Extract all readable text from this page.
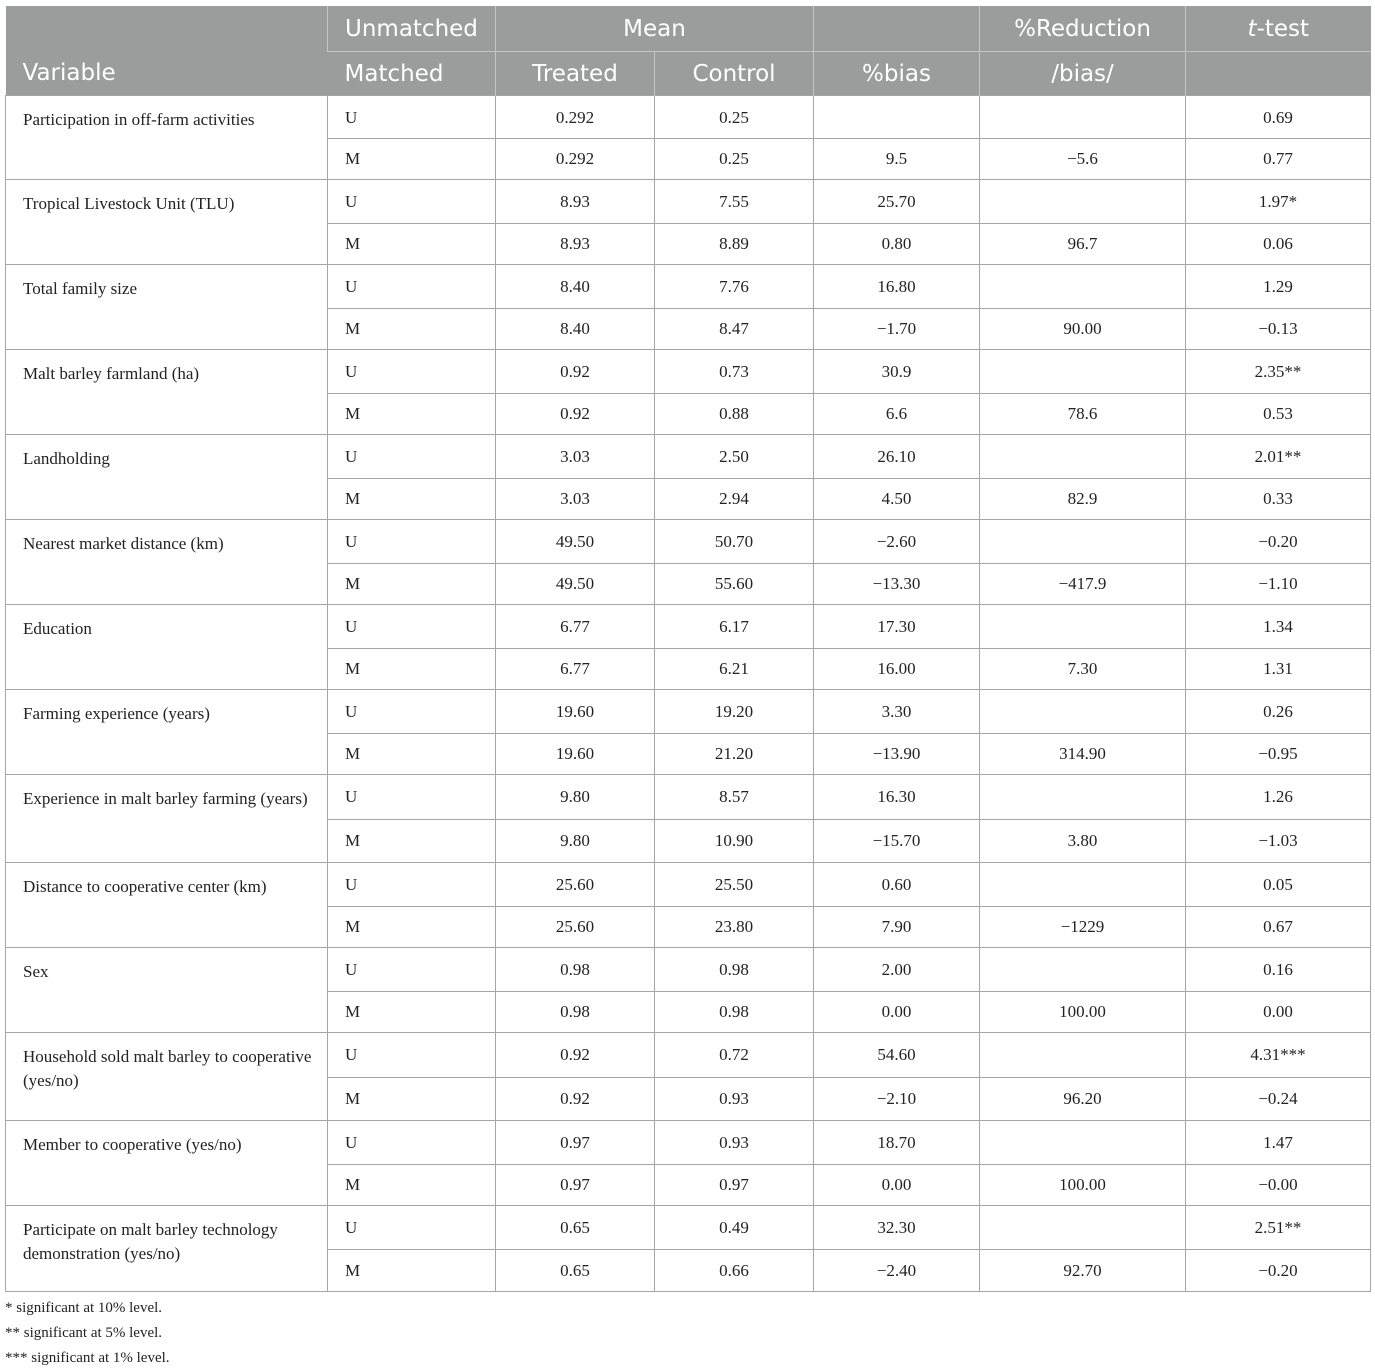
Variable	Unmatched	Mean			%Reduction	t-test
	Matched	Treated	Control	%bias	/bias/	
Participation in off-farm activities	U	0.292	0.25			0.69
	M	0.292	0.25	9.5	−5.6	0.77
Tropical Livestock Unit (TLU)	U	8.93	7.55	25.70		1.97*
	M	8.93	8.89	0.80	96.7	0.06
Total family size	U	8.40	7.76	16.80		1.29
	M	8.40	8.47	−1.70	90.00	−0.13
Malt barley farmland (ha)	U	0.92	0.73	30.9		2.35**
	M	0.92	0.88	6.6	78.6	0.53
Landholding	U	3.03	2.50	26.10		2.01**
	M	3.03	2.94	4.50	82.9	0.33
Nearest market distance (km)	U	49.50	50.70	−2.60		−0.20
	M	49.50	55.60	−13.30	−417.9	−1.10
Education	U	6.77	6.17	17.30		1.34
	M	6.77	6.21	16.00	7.30	1.31
Farming experience (years)	U	19.60	19.20	3.30		0.26
	M	19.60	21.20	−13.90	314.90	−0.95
Experience in malt barley farming (years)	U	9.80	8.57	16.30		1.26
	M	9.80	10.90	−15.70	3.80	−1.03
Distance to cooperative center (km)	U	25.60	25.50	0.60		0.05
	M	25.60	23.80	7.90	−1229	0.67
Sex	U	0.98	0.98	2.00		0.16
	M	0.98	0.98	0.00	100.00	0.00
Household sold malt barley to cooperative (yes/no)	U	0.92	0.72	54.60		4.31***
	M	0.92	0.93	−2.10	96.20	−0.24
Member to cooperative (yes/no)	U	0.97	0.93	18.70		1.47
	M	0.97	0.97	0.00	100.00	−0.00
Participate on malt barley technology demonstration (yes/no)	U	0.65	0.49	32.30		2.51**
	M	0.65	0.66	−2.40	92.70	−0.20
* significant at 10% level.
** significant at 5% level.
*** significant at 1% level.
